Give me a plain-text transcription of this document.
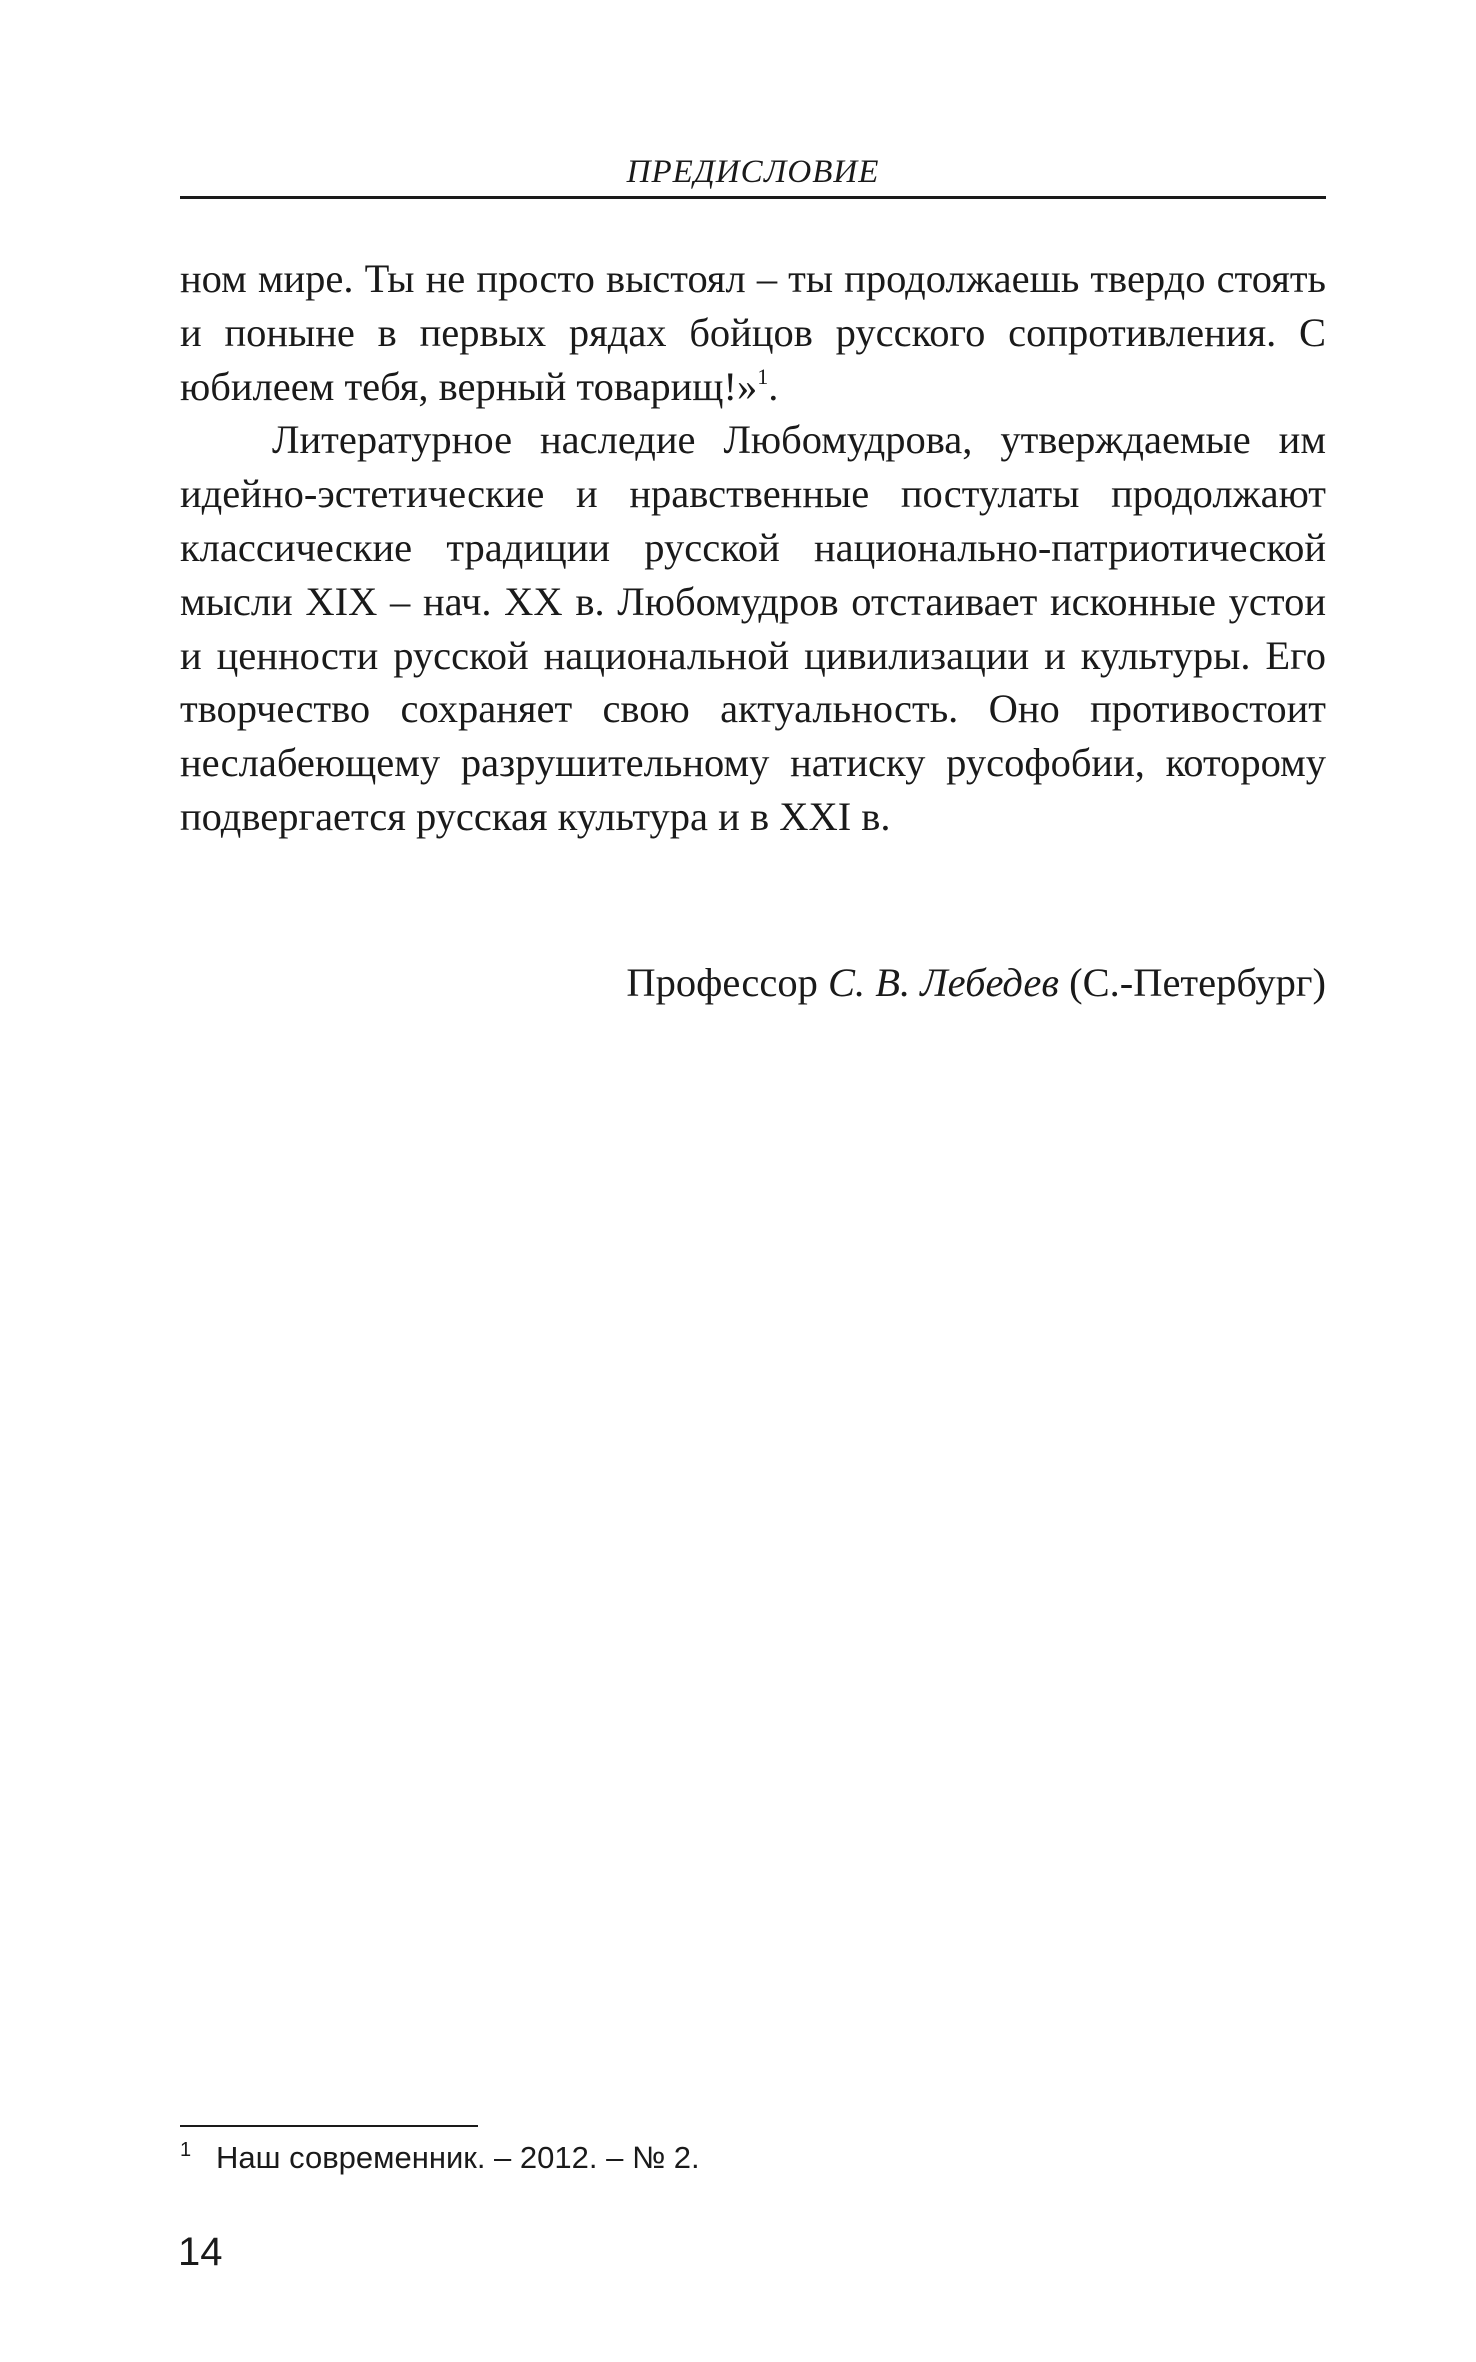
ПРЕДИСЛОВИЕ

ном мире. Ты не просто выстоял – ты продолжаешь твердо стоять и поныне в первых рядах бойцов русского сопротивления. С юбилеем тебя, верный товарищ!»$^1$.

Литературное наследие Любомудрова, утверждаемые им идейно-эстетические и нравственные постулаты продолжают классические традиции русской национально-патриотической мысли XIX – нач. XX в. Любомудров отстаивает исконные устои и ценности русской национальной цивилизации и культуры. Его творчество сохраняет свою актуальность. Оно противостоит неслабеющему разрушительному натиску русофобии, которому подвергается русская культура и в XXI в.

Профессор С. В. Лебедев (С.-Петербург)
1 Наш современник. – 2012. – № 2.
14
